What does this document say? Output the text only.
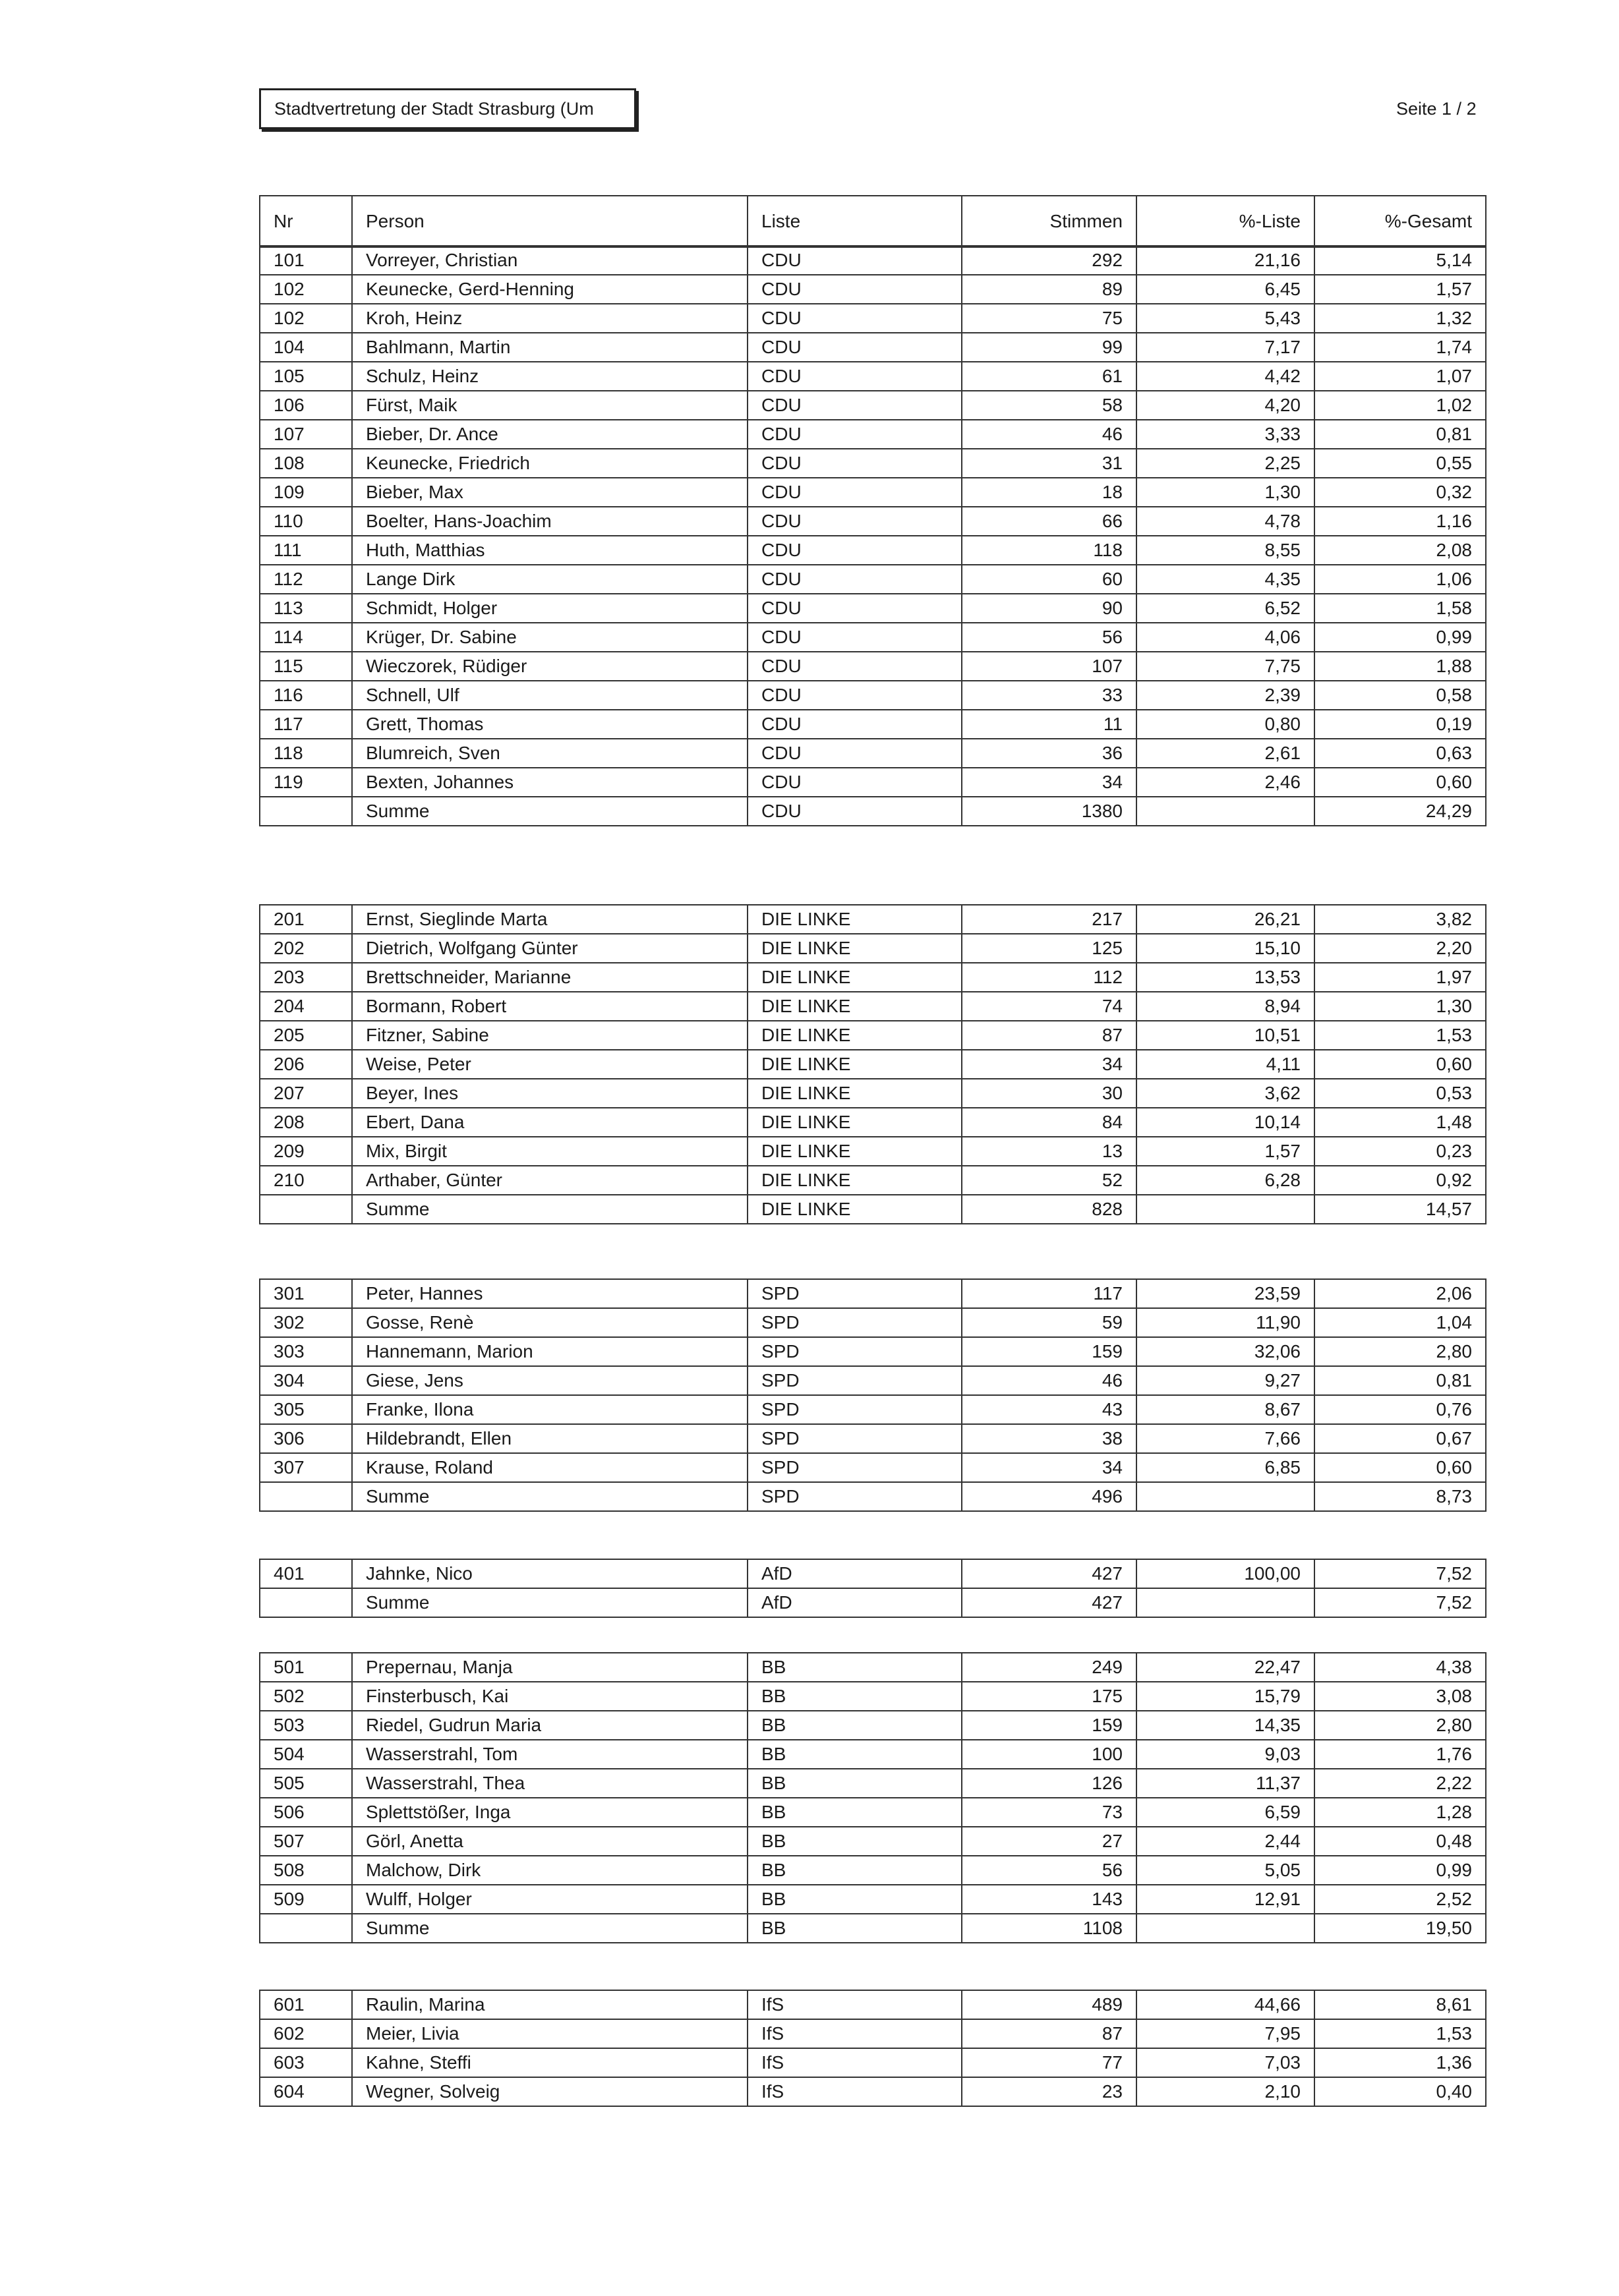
Stadtvertretung der Stadt Strasburg (Um	Seite 1 / 2
Nr	Person	Liste	Stimmen	%-Liste	%-Gesamt
101	Vorreyer, Christian	CDU	292	21,16	5,14
102	Keunecke, Gerd-Henning	CDU	89	6,45	1,57
102	Kroh, Heinz	CDU	75	5,43	1,32
104	Bahlmann, Martin	CDU	99	7,17	1,74
105	Schulz, Heinz	CDU	61	4,42	1,07
106	Fürst, Maik	CDU	58	4,20	1,02
107	Bieber, Dr. Ance	CDU	46	3,33	0,81
108	Keunecke, Friedrich	CDU	31	2,25	0,55
109	Bieber, Max	CDU	18	1,30	0,32
110	Boelter, Hans-Joachim	CDU	66	4,78	1,16
111	Huth, Matthias	CDU	118	8,55	2,08
112	Lange Dirk	CDU	60	4,35	1,06
113	Schmidt, Holger	CDU	90	6,52	1,58
114	Krüger, Dr. Sabine	CDU	56	4,06	0,99
115	Wieczorek, Rüdiger	CDU	107	7,75	1,88
116	Schnell, Ulf	CDU	33	2,39	0,58
117	Grett, Thomas	CDU	11	0,80	0,19
118	Blumreich, Sven	CDU	36	2,61	0,63
119	Bexten, Johannes	CDU	34	2,46	0,60
	Summe	CDU	1380		24,29
201	Ernst, Sieglinde Marta	DIE LINKE	217	26,21	3,82
202	Dietrich, Wolfgang Günter	DIE LINKE	125	15,10	2,20
203	Brettschneider, Marianne	DIE LINKE	112	13,53	1,97
204	Bormann, Robert	DIE LINKE	74	8,94	1,30
205	Fitzner, Sabine	DIE LINKE	87	10,51	1,53
206	Weise, Peter	DIE LINKE	34	4,11	0,60
207	Beyer, Ines	DIE LINKE	30	3,62	0,53
208	Ebert, Dana	DIE LINKE	84	10,14	1,48
209	Mix, Birgit	DIE LINKE	13	1,57	0,23
210	Arthaber, Günter	DIE LINKE	52	6,28	0,92
	Summe	DIE LINKE	828		14,57
301	Peter, Hannes	SPD	117	23,59	2,06
302	Gosse, Renè	SPD	59	11,90	1,04
303	Hannemann, Marion	SPD	159	32,06	2,80
304	Giese, Jens	SPD	46	9,27	0,81
305	Franke, Ilona	SPD	43	8,67	0,76
306	Hildebrandt, Ellen	SPD	38	7,66	0,67
307	Krause, Roland	SPD	34	6,85	0,60
	Summe	SPD	496		8,73
401	Jahnke, Nico	AfD	427	100,00	7,52
	Summe	AfD	427		7,52
501	Prepernau, Manja	BB	249	22,47	4,38
502	Finsterbusch, Kai	BB	175	15,79	3,08
503	Riedel, Gudrun Maria	BB	159	14,35	2,80
504	Wasserstrahl, Tom	BB	100	9,03	1,76
505	Wasserstrahl, Thea	BB	126	11,37	2,22
506	Splettstößer, Inga	BB	73	6,59	1,28
507	Görl, Anetta	BB	27	2,44	0,48
508	Malchow, Dirk	BB	56	5,05	0,99
509	Wulff, Holger	BB	143	12,91	2,52
	Summe	BB	1108		19,50
601	Raulin, Marina	IfS	489	44,66	8,61
602	Meier, Livia	IfS	87	7,95	1,53
603	Kahne, Steffi	IfS	77	7,03	1,36
604	Wegner, Solveig	IfS	23	2,10	0,40
